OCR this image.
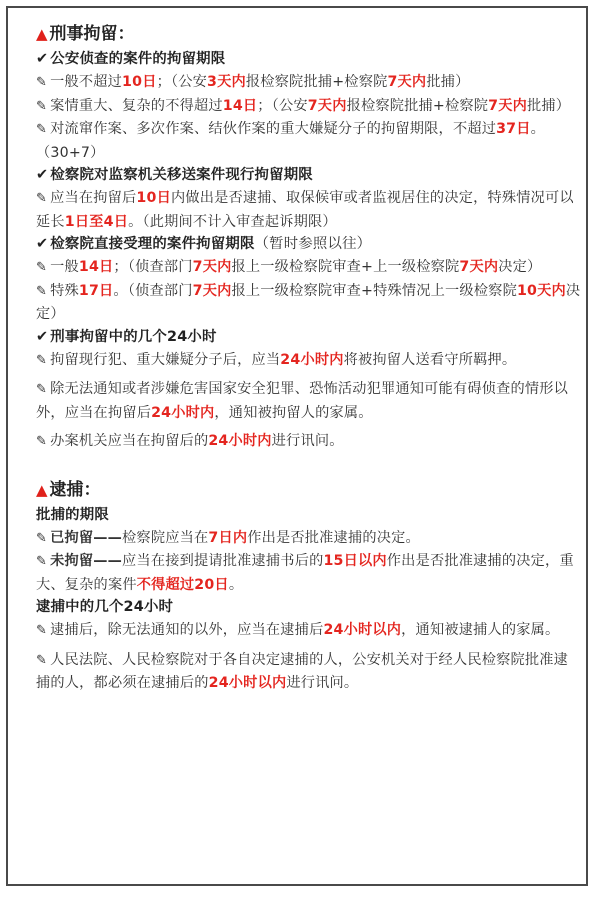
▲ 刑事拘留：
✔ 公安侦查的案件的拘留期限

✎ 一般不超过10日；（公安3天内报检察院批捕+检察院7天内批捕）

✎ 案情重大、复杂的不得超过14日；（公安7天内报检察院批捕+检察院7天内批捕）

✎ 对流窜作案、多次作案、结伙作案的重大嫌疑分子的拘留期限，不超过37日。（30+7）

✔ 检察院对监察机关移送案件现行拘留期限

✎ 应当在拘留后10日内做出是否逮捕、取保候审或者监视居住的决定，特殊情况可以延长1日至4日。（此期间不计入审查起诉期限）

✔ 检察院直接受理的案件拘留期限（暂时参照以往）

✎ 一般14日；（侦查部门7天内报上一级检察院审查+上一级检察院7天内决定）

✎ 特殊17日。（侦查部门7天内报上一级检察院审查+特殊情况上一级检察院10天内决定）

✔ 刑事拘留中的几个24小时

✎ 拘留现行犯、重大嫌疑分子后，应当24小时内将被拘留人送看守所羁押。

✎ 除无法通知或者涉嫌危害国家安全犯罪、恐怖活动犯罪通知可能有碍侦查的情形以外，应当在拘留后24小时内，通知被拘留人的家属。

✎ 办案机关应当在拘留后的24小时内进行讯问。

▲ 逮捕：
批捕的期限

✎ 已拘留——检察院应当在7日内作出是否批准逮捕的决定。

✎ 未拘留——应当在接到提请批准逮捕书后的15日以内作出是否批准逮捕的决定，重大、复杂的案件不得超过20日。

逮捕中的几个24小时

✎ 逮捕后，除无法通知的以外，应当在逮捕后24小时以内，通知被逮捕人的家属。

✎ 人民法院、人民检察院对于各自决定逮捕的人，公安机关对于经人民检察院批准逮捕的人，都必须在逮捕后的24小时以内进行讯问。
